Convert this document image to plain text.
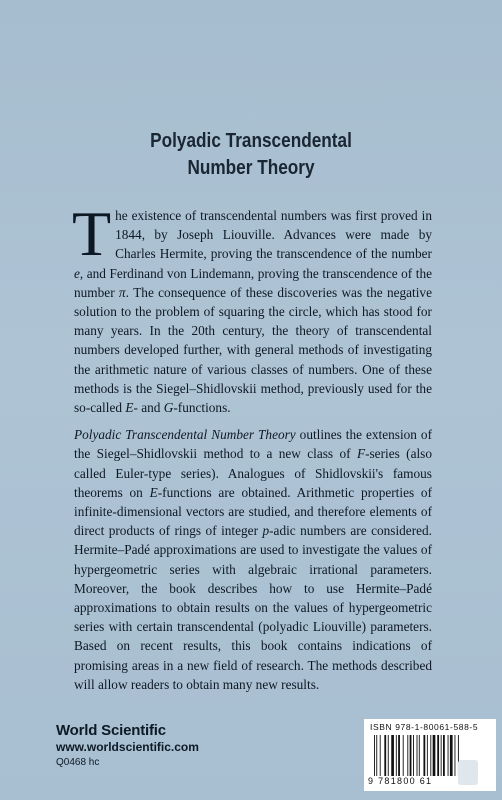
Polyadic Transcendental
Number Theory

The existence of transcendental numbers was first proved in 1844, by Joseph Liouville. Advances were made by Charles Hermite, proving the transcendence of the number e, and Ferdinand von Lindemann, proving the transcendence of the number π. The consequence of these discoveries was the negative solution to the problem of squaring the circle, which has stood for many years. In the 20th century, the theory of transcendental numbers developed further, with general methods of investigating the arithmetic nature of various classes of numbers. One of these methods is the Siegel–Shidlovskii method, previously used for the so-called E- and G-functions.

Polyadic Transcendental Number Theory outlines the extension of the Siegel–Shidlovskii method to a new class of F-series (also called Euler-type series). Analogues of Shidlovskii's famous theorems on E-functions are obtained. Arithmetic properties of infinite-dimensional vectors are studied, and therefore elements of direct products of rings of integer p-adic numbers are considered. Hermite–Padé approximations are used to investigate the values of hypergeometric series with algebraic irrational parameters. Moreover, the book describes how to use Hermite–Padé approximations to obtain results on the values of hypergeometric series with certain transcendental (polyadic Liouville) parameters. Based on recent results, this book contains indications of promising areas in a new field of research. The methods described will allow readers to obtain many new results.

World Scientific
www.worldscientific.com
Q0468 hc
ISBN 978-1-80061-588-5
9 781800 61
